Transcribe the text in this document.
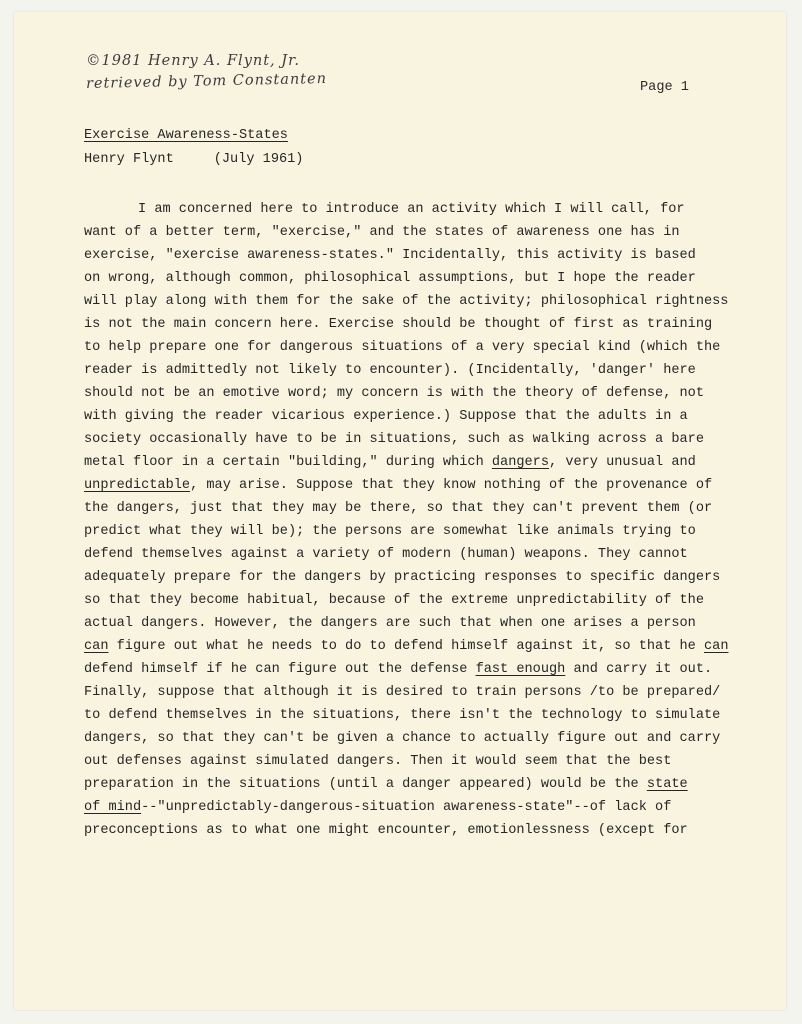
©1981 Henry A. Flynt, Jr.
retrieved by Tom Constanten	Page 1
Exercise Awareness-States
Henry Flynt	(July 1961)
I am concerned here to introduce an activity which I will call, for
want of a better term, "exercise," and the states of awareness one has in
exercise, "exercise awareness-states." Incidentally, this activity is based
on wrong, although common, philosophical assumptions, but I hope the reader
will play along with them for the sake of the activity; philosophical rightness
is not the main concern here. Exercise should be thought of first as training
to help prepare one for dangerous situations of a very special kind (which the
reader is admittedly not likely to encounter). (Incidentally, 'danger' here
should not be an emotive word; my concern is with the theory of defense, not
with giving the reader vicarious experience.) Suppose that the adults in a
society occasionally have to be in situations, such as walking across a bare
metal floor in a certain "building," during which dangers, very unusual and
unpredictable, may arise. Suppose that they know nothing of the provenance of
the dangers, just that they may be there, so that they can't prevent them (or
predict what they will be); the persons are somewhat like animals trying to
defend themselves against a variety of modern (human) weapons. They cannot
adequately prepare for the dangers by practicing responses to specific dangers
so that they become habitual, because of the extreme unpredictability of the
actual dangers. However, the dangers are such that when one arises a person
can figure out what he needs to do to defend himself against it, so that he can
defend himself if he can figure out the defense fast enough and carry it out.
Finally, suppose that although it is desired to train persons /to be prepared/
to defend themselves in the situations, there isn't the technology to simulate
dangers, so that they can't be given a chance to actually figure out and carry
out defenses against simulated dangers. Then it would seem that the best
preparation in the situations (until a danger appeared) would be the state
of mind--"unpredictably-dangerous-situation awareness-state"--of lack of
preconceptions as to what one might encounter, emotionlessness (except for
